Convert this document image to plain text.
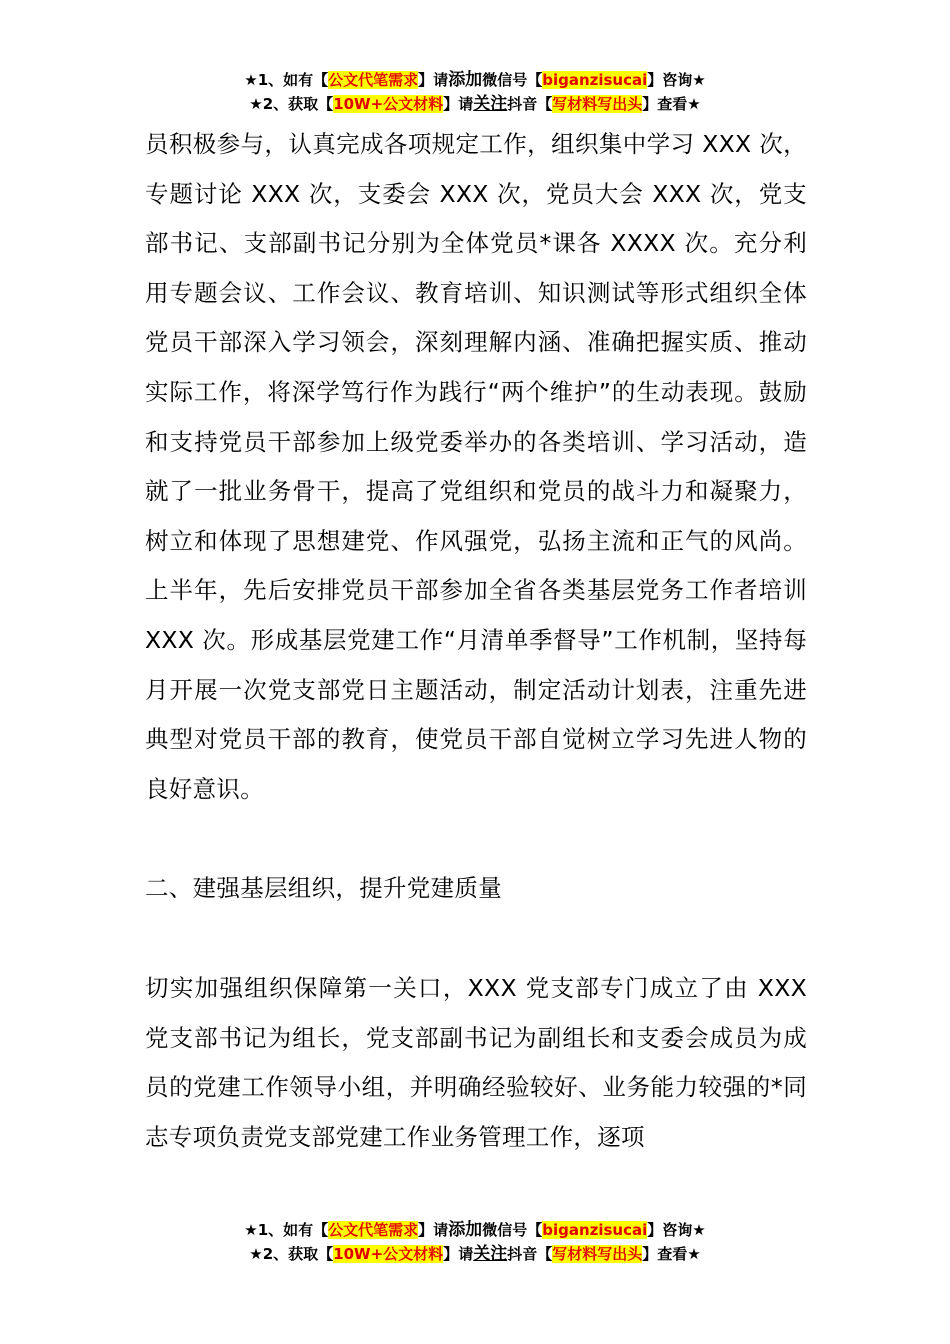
★1、如有【公文代笔需求】请添加微信号【biganzisucai】咨询★
★2、获取【10W+公文材料】请关注抖音【写材料写出头】查看★

员积极参与，认真完成各项规定工作，组织集中学习 XXX 次，专题讨论 XXX 次，支委会 XXX 次，党员大会 XXX 次，党支部书记、支部副书记分别为全体党员*课各 XXXX 次。充分利用专题会议、工作会议、教育培训、知识测试等形式组织全体党员干部深入学习领会，深刻理解内涵、准确把握实质、推动实际工作，将深学笃行作为践行“两个维护”的生动表现。鼓励和支持党员干部参加上级党委举办的各类培训、学习活动，造就了一批业务骨干，提高了党组织和党员的战斗力和凝聚力，树立和体现了思想建党、作风强党，弘扬主流和正气的风尚。上半年，先后安排党员干部参加全省各类基层党务工作者培训 XXX 次。形成基层党建工作“月清单季督导”工作机制，坚持每月开展一次党支部党日主题活动，制定活动计划表，注重先进典型对党员干部的教育，使党员干部自觉树立学习先进人物的良好意识。

二、建强基层组织，提升党建质量

切实加强组织保障第一关口，XXX 党支部专门成立了由 XXX 党支部书记为组长，党支部副书记为副组长和支委会成员为成员的党建工作领导小组，并明确经验较好、业务能力较强的*同志专项负责党支部党建工作业务管理工作，逐项

★1、如有【公文代笔需求】请添加微信号【biganzisucai】咨询★
★2、获取【10W+公文材料】请关注抖音【写材料写出头】查看★
